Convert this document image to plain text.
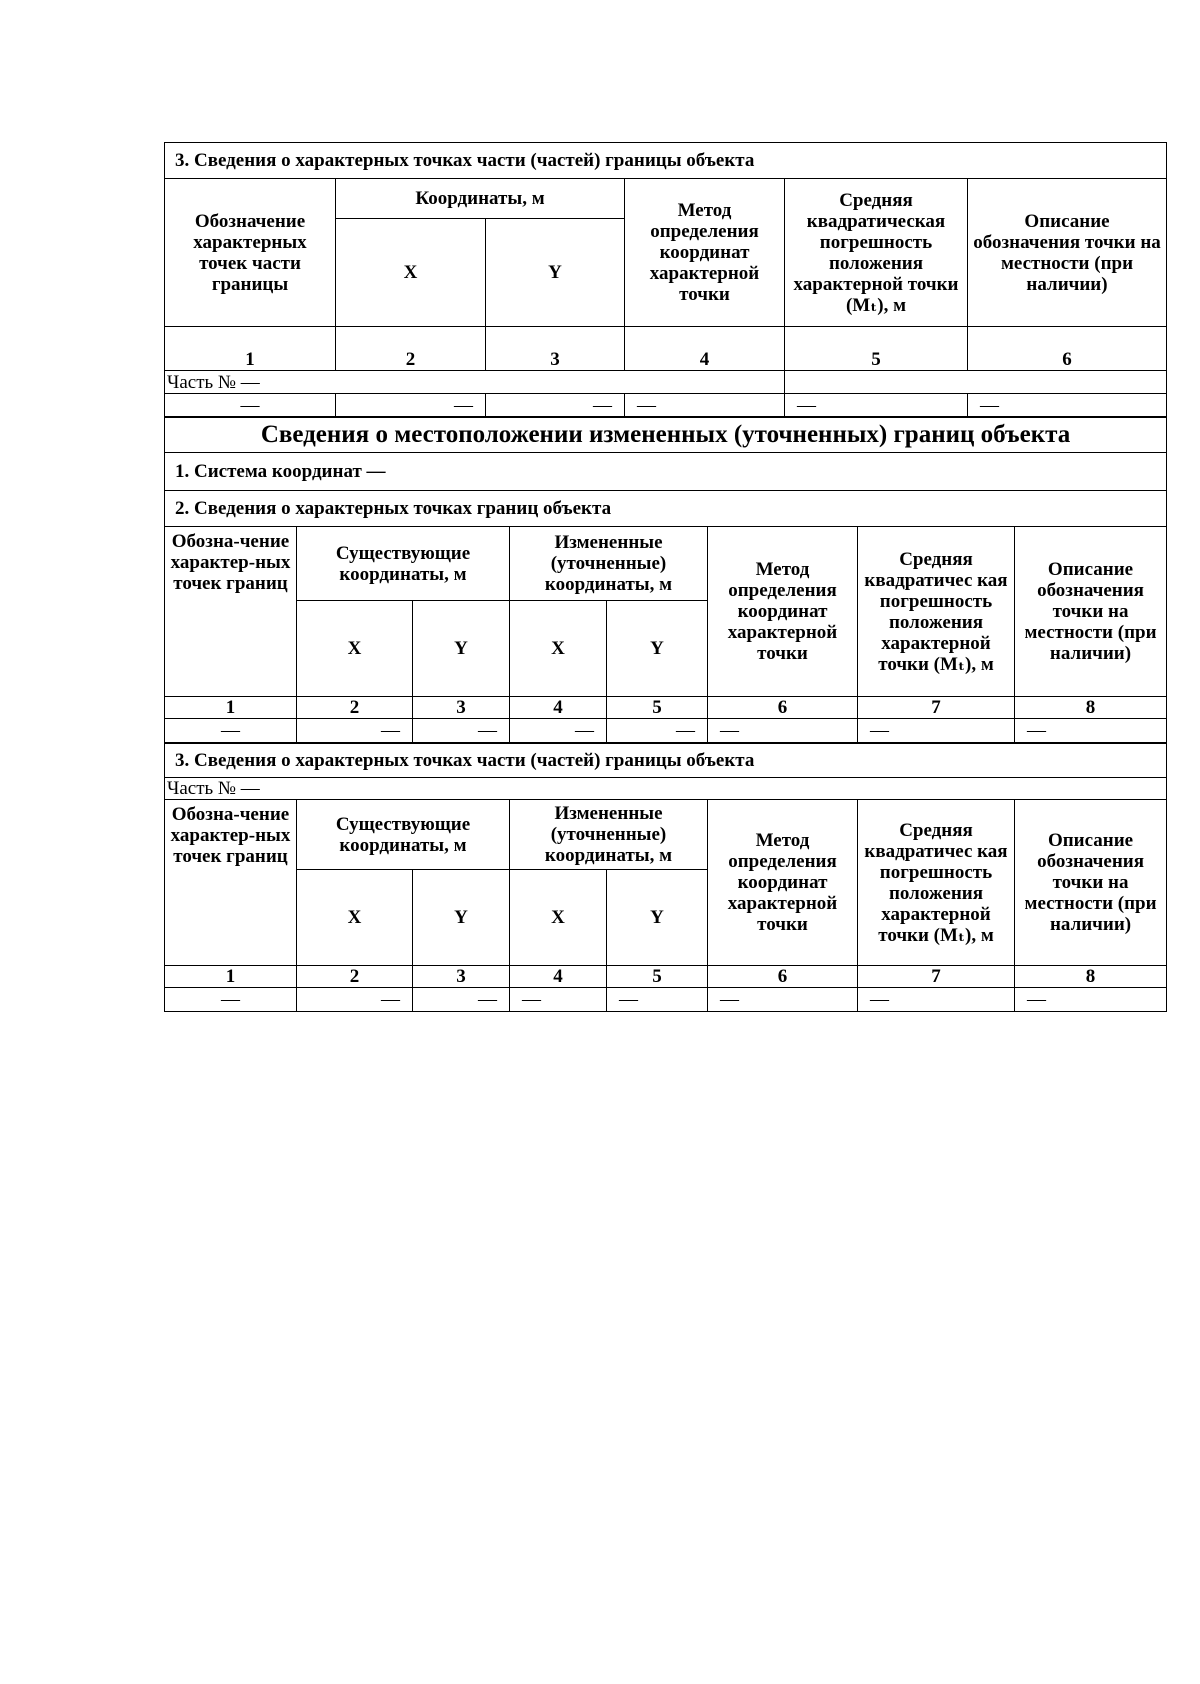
3. Сведения о характерных точках части (частей) границы объекта					
Обозначение характерных точек части границы	Координаты, м		Метод определения координат характерной точки	Средняя квадратическая погрешность положения характерной точки (Mₜ), м	Описание обозначения точки на местности (при наличии)
	X	Y			
1	2	3	4	5	6
Часть № —					
—	—	—	—	—	—
Сведения о местоположении измененных (уточненных) границ объекта							
1. Система координат —							
2. Сведения о характерных точках границ объекта							
Обозна-чение характер-ных точек границ	Существующие координаты, м		Измененные (уточненные) координаты, м		Метод определения координат характерной точки	Средняя квадратичес кая погрешность положения характерной точки (Mₜ), м	Описание обозначения точки на местности (при наличии)
	X	Y	X	Y			
1	2	3	4	5	6	7	8
—	—	—	—	—	—	—	—
3. Сведения о характерных точках части (частей) границы объекта							
Часть № —							
Обозна-чение характер-ных точек границ	Существующие координаты, м		Измененные (уточненные) координаты, м		Метод определения координат характерной точки	Средняя квадратичес кая погрешность положения характерной точки (Mₜ), м	Описание обозначения точки на местности (при наличии)
	X	Y	X	Y			
1	2	3	4	5	6	7	8
—	—	—	—	—	—	—	—
